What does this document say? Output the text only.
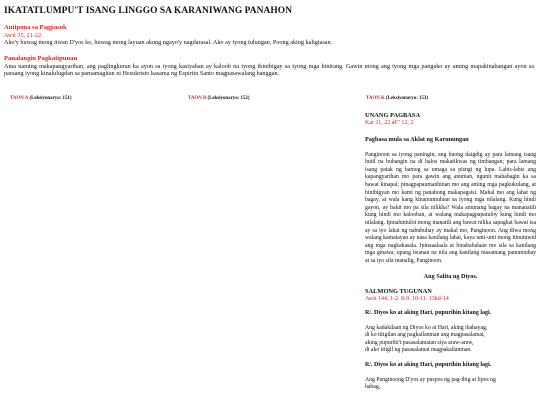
IKATATLUMPU'T ISANG LINGGO SA KARANIWANG PANAHON
Antipona sa Pagpasok
Awit 35, 21-22
Ako'y huwag mong iiwan D'yos ko, huwag mong layuan akong ngayo'y nagdarasal. Ako ay iyong tulungan, Poong aking kaligtasan.
Panalangin Pagkatipunan
Ama naming makapangyarihan, ang paglingkuran ka ayon sa iyong kasiyahan ay kaloob na iyong ibinibigay sa iyong mga hinirang. Gawin mong ang iyong mga pangako ay aming mapakinabangan ayon sa paraang iyong kinalulugdan sa pamamagitan ni Hesukristo kasama ng Espiritu Santo magpasawalang hanggan.
TAON A (Leksiyonaryo: 151)	TAON B (Leksiyonaryo: 152)	TAON K (Leksiyonaryo: 153)
UNANG PAGBASA
Kar 11, 22 â€" 12, 2
Pagbasa mula sa Aklat ng Karunungan
Panginoon sa iyong paningin, ang buong daigdig ay para lamang isang butil na buhangin na di halos makatikwas ng timbangan; para lamang isang patak ng hamog sa umaga sa pisngi ng lupa. Labis-labis ang kapangyarihan mo para gawin ang anuman, ngunit mahabagin ka sa bawat kinapal; pinagpapaumanhinan mo ang aming mga pagkukulang, at binibigyan mo kami ng panahong makapagsisi. Mahal mo ang lahat ng bagay, at wala kang kinamumuhian sa iyong mga nilalang. Kung hindi gayon, ay bakit mo pa sila nilikha? Wala anumang bagay na mananatili kung hindi mo kalooban, at walang makapagpapatuloy kung hindi mo nilalang. Ipinahintulot mong manatili ang bawat nilika sapagkat bawat isa ay sa iyo lahat ng nabubuhay ay mahal mo, Panginoon. Ang diwa mong walang kamatayan ay nasa kanilang lahat, kaya unti-unti mong itinutuwid ang mga nagkakasala. Ipinaaalaala at binababalaan mo sila sa kanilang mga ginawa, upang iwanan na nila ang kanilang masamang pamumuhay at sa iyo sila manalig, Panginoon.
Ang Salita ng Diyos.
SALMONG TUGUNAN
Awit 144, 1-2. 8-9. 10-11. 13kd-14
R/. Diyos ko at aking Hari, pupurihin kitang lagi.
Ang kadakilaan ng Diyos ko at Hari, aking ihahayag,
di ko titigilan ang pagkailanman ang magpasalamat,
aking pupurihi't pasasalamatan siya araw-araw,
di ako titigil ng pasasalamat magpakailanman.
R/. Diyos ko at aking Hari, pupurihin kitang lagi.
Ang Panginoong D'yos ay puspos ng pag-ibig at lipos ng
habag,
